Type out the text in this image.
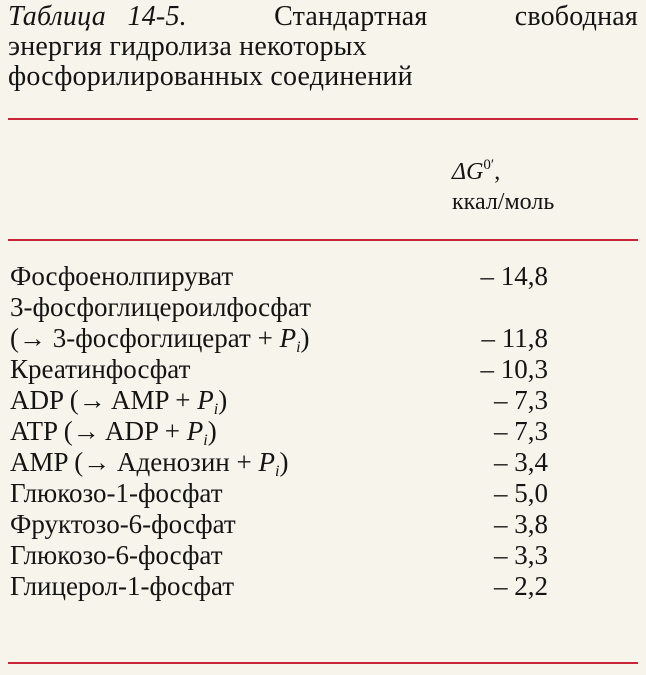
Таблица 14-5.	Стандартная	свободная
энергия гидролиза некоторых
фосфорилированных соединений
$\Delta G^{0'}$,
ккал/моль
Фосфоенолпируват	– 14,8
3-фосфоглицероилфосфат
(→ 3-фосфоглицерат + $P_i$)	– 11,8
Креатинфосфат	– 10,3
ADP (→ AMP + $P_i$)	– 7,3
ATP (→ ADP + $P_i$)	– 7,3
AMP (→ Аденозин + $P_i$)	– 3,4
Глюкозо-1-фосфат	– 5,0
Фруктозо-6-фосфат	– 3,8
Глюкозо-6-фосфат	– 3,3
Глицерол-1-фосфат	– 2,2
